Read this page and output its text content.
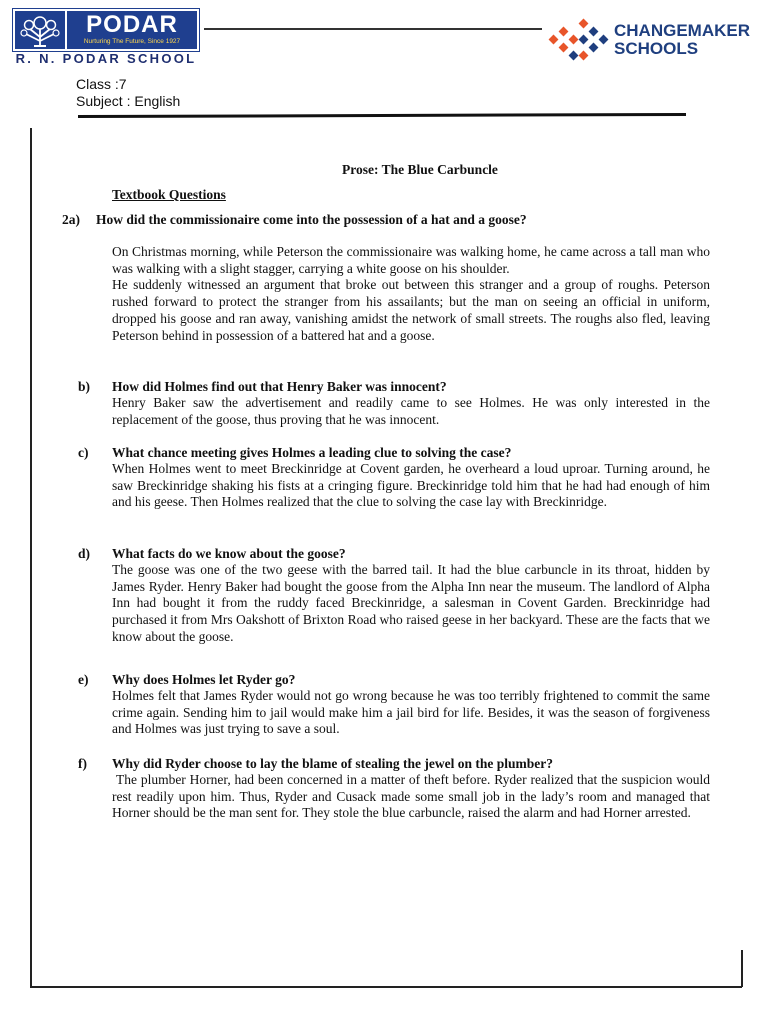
PODAR
Nurturing The Future, Since 1927
R. N. PODAR SCHOOL
CHANGEMAKER
SCHOOLS
Class :7
Subject : English
Prose: The Blue Carbuncle
Textbook Questions
2a) How did the commissionaire come into the possession of a hat and a goose?

On Christmas morning, while Peterson the commissionaire was walking home, he came across a tall man who was walking with a slight stagger, carrying a white goose on his shoulder.

He suddenly witnessed an argument that broke out between this stranger and a group of roughs. Peterson rushed forward to protect the stranger from his assailants; but the man on seeing an official in uniform, dropped his goose and ran away, vanishing amidst the network of small streets. The roughs also fled, leaving Peterson behind in possession of a battered hat and a goose.

b) How did Holmes find out that Henry Baker was innocent?
Henry Baker saw the advertisement and readily came to see Holmes. He was only interested in the replacement of the goose, thus proving that he was innocent.
c) What chance meeting gives Holmes a leading clue to solving the case?
When Holmes went to meet Breckinridge at Covent garden, he overheard a loud uproar. Turning around, he saw Breckinridge shaking his fists at a cringing figure. Breckinridge told him that he had had enough of him and his geese. Then Holmes realized that the clue to solving the case lay with Breckinridge.
d) What facts do we know about the goose?
The goose was one of the two geese with the barred tail. It had the blue carbuncle in its throat, hidden by James Ryder. Henry Baker had bought the goose from the Alpha Inn near the museum. The landlord of Alpha Inn had bought it from the ruddy faced Breckinridge, a salesman in Covent Garden. Breckinridge had purchased it from Mrs Oakshott of Brixton Road who raised geese in her backyard. These are the facts that we know about the goose.
e) Why does Holmes let Ryder go?
Holmes felt that James Ryder would not go wrong because he was too terribly frightened to commit the same crime again. Sending him to jail would make him a jail bird for life. Besides, it was the season of forgiveness and Holmes was just trying to save a soul.
f) Why did Ryder choose to lay the blame of stealing the jewel on the plumber?
The plumber Horner, had been concerned in a matter of theft before. Ryder realized that the suspicion would rest readily upon him. Thus, Ryder and Cusack made some small job in the lady’s room and managed that Horner should be the man sent for. They stole the blue carbuncle, raised the alarm and had Horner arrested.
